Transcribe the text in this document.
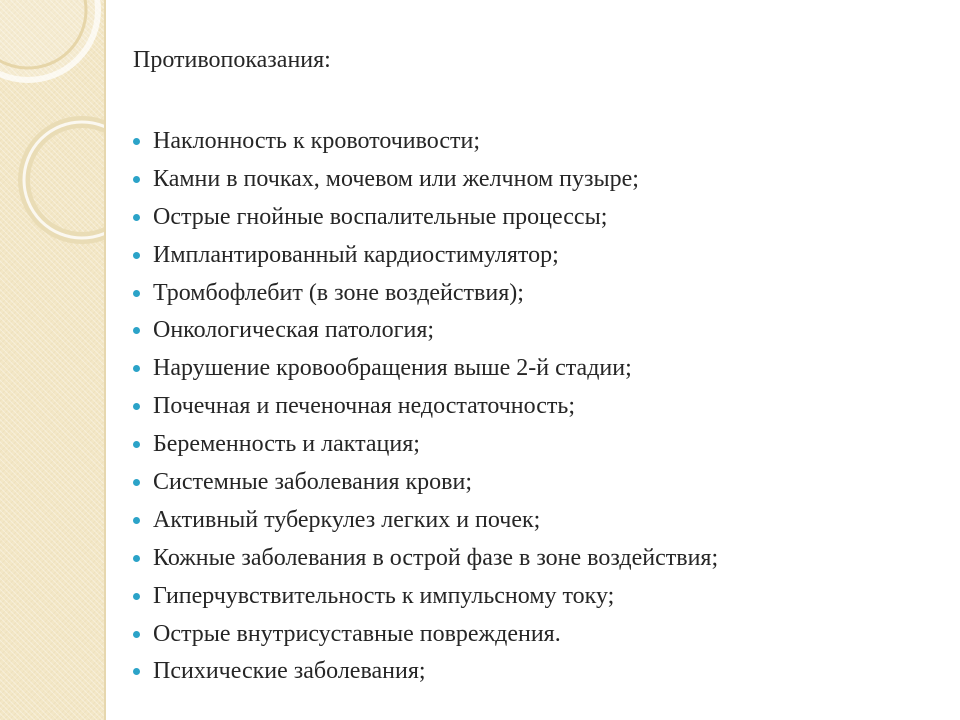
Противопоказания:
Наклонность к кровоточивости;
Камни в почках, мочевом или желчном пузыре;
Острые гнойные воспалительные процессы;
Имплантированный кардиостимулятор;
Тромбофлебит (в зоне воздействия);
Онкологическая патология;
Нарушение кровообращения выше 2-й стадии;
Почечная и печеночная недостаточность;
Беременность и лактация;
Системные заболевания крови;
Активный туберкулез легких и почек;
Кожные заболевания в острой фазе в зоне воздействия;
Гиперчувствительность к импульсному току;
Острые внутрисуставные повреждения.
Психические заболевания;
